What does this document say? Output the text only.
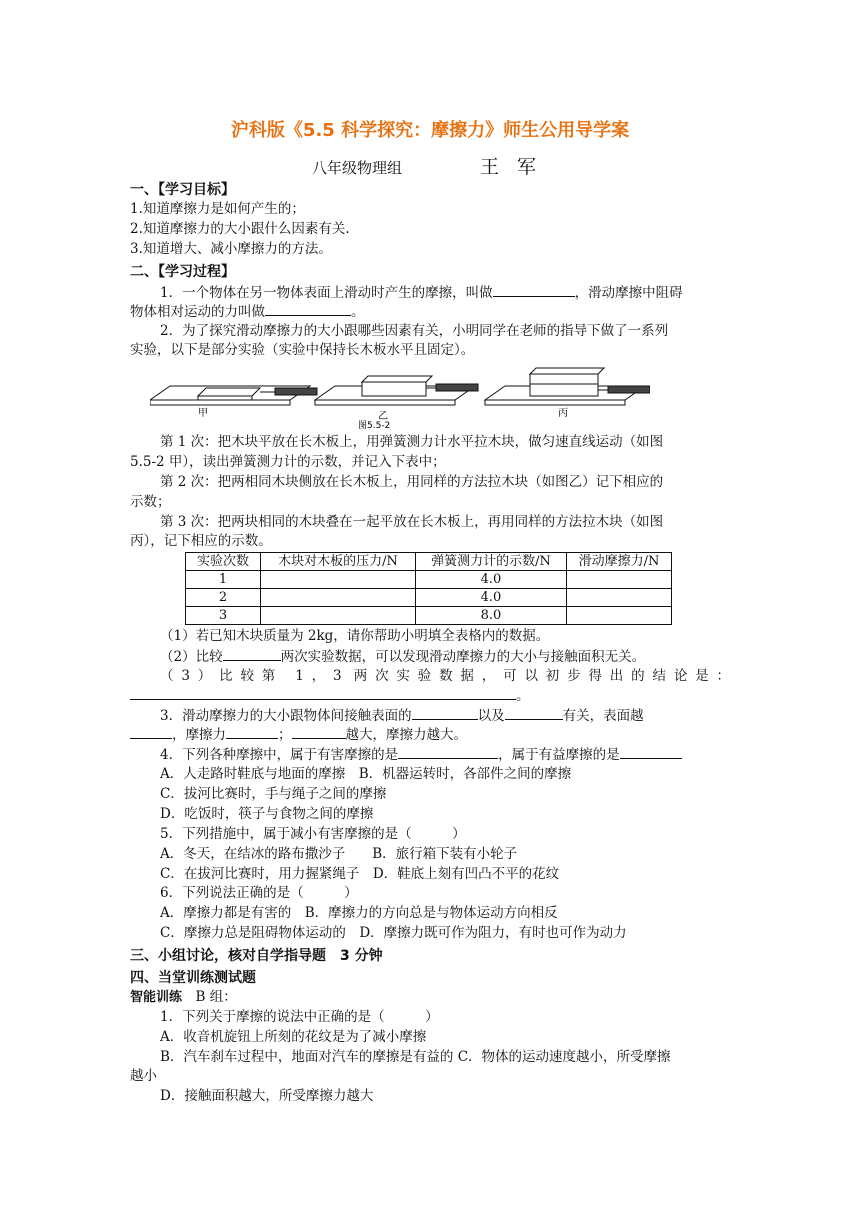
沪科版《5.5 科学探究：摩擦力》师生公用导学案
八年级物理组	王 军
一、【学习目标】
1.知道摩擦力是如何产生的；
2.知道摩擦力的大小跟什么因素有关.
3.知道增大、减小摩擦力的方法。
二、【学习过程】
1．一个物体在另一物体表面上滑动时产生的摩擦，叫做	，滑动摩擦中阻碍
物体相对运动的力叫做	。
2．为了探究滑动摩擦力的大小跟哪些因素有关，小明同学在老师的指导下做了一系列
实验，以下是部分实验（实验中保持长木板水平且固定）。
甲	乙
图5.5-2
丙
第 1 次：把木块平放在长木板上，用弹簧测力计水平拉木块，做匀速直线运动（如图
5.5-2 甲），读出弹簧测力计的示数，并记入下表中；
第 2 次：把两相同木块侧放在长木板上，用同样的方法拉木块（如图乙）记下相应的
示数；
第 3 次：把两块相同的木块叠在一起平放在长木板上，再用同样的方法拉木块（如图
丙），记下相应的示数。
实验次数	木块对木板的压力/N	弹簧测力计的示数/N	滑动摩擦力/N
1		4.0	
2		4.0	
3		8.0	
（1）若已知木块质量为 2kg，请你帮助小明填全表格内的数据。
（2）比较	两次实验数据，可以发现滑动摩擦力的大小与接触面积无关。
（3）比较第 1，3 两次实验数据，可以初步得出的结论是：
。
3．滑动摩擦力的大小跟物体间接触表面的	以及	有关，表面越
，摩擦力	；	越大，摩擦力越大。
4．下列各种摩擦中，属于有害摩擦的是	，属于有益摩擦的是
A．人走路时鞋底与地面的摩擦　 B．机器运转时，各部件之间的摩擦
C．拔河比赛时，手与绳子之间的摩擦
D．吃饭时，筷子与食物之间的摩擦
5．下列措施中，属于减小有害摩擦的是（　　　）
A．冬天，在结冰的路布撒沙子　　 B．旅行箱下装有小轮子
C．在拔河比赛时，用力握紧绳子　 D．鞋底上刻有凹凸不平的花纹
6．下列说法正确的是（　　　）
A．摩擦力都是有害的　 B．摩擦力的方向总是与物体运动方向相反
C．摩擦力总是阻碍物体运动的　 D．摩擦力既可作为阻力，有时也可作为动力
三、小组讨论，核对自学指导题　3 分钟
四、当堂训练测试题
智能训练　B 组：
1．下列关于摩擦的说法中正确的是（　　　）
A．收音机旋钮上所刻的花纹是为了减小摩擦
B．汽车刹车过程中，地面对汽车的摩擦是有益的 C．物体的运动速度越小，所受摩擦
越小
D．接触面积越大，所受摩擦力越大
